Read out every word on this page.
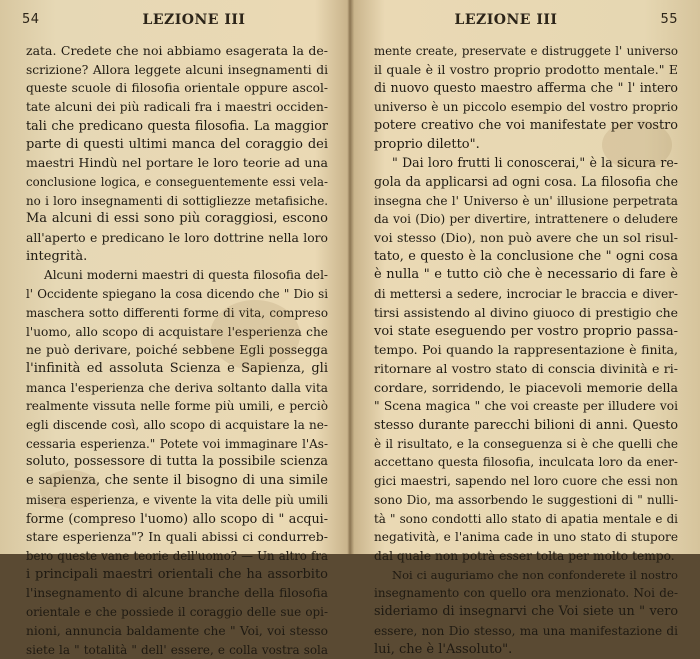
54	LEZIONE III
zata. Credete che noi abbiamo esagerata la de-
scrizione? Allora leggete alcuni insegnamenti di
queste scuole di filosofia orientale oppure ascol-
tate alcuni dei più radicali fra i maestri occiden-
tali che predicano questa filosofia. La maggior
parte di questi ultimi manca del coraggio dei
maestri Hindù nel portare le loro teorie ad una
conclusione logica, e conseguentemente essi vela-
no i loro insegnamenti di sottigliezze metafisiche.
Ma alcuni di essi sono più coraggiosi, escono
all'aperto e predicano le loro dottrine nella loro
integrità.
Alcuni moderni maestri di questa filosofia del-
l' Occidente spiegano la cosa dicendo che " Dio si
maschera sotto differenti forme di vita, compreso
l'uomo, allo scopo di acquistare l'esperienza che
ne può derivare, poiché sebbene Egli possegga
l'infinità ed assoluta Scienza e Sapienza, gli
manca l'esperienza che deriva soltanto dalla vita
realmente vissuta nelle forme più umili, e perciò
egli discende così, allo scopo di acquistare la ne-
cessaria esperienza." Potete voi immaginare l'As-
soluto, possessore di tutta la possibile scienza
e sapienza, che sente il bisogno di una simile
misera esperienza, e vivente la vita delle più umili
forme (compreso l'uomo) allo scopo di " acqui-
stare esperienza"? In quali abissi ci condurreb-
bero queste vane teorie dell'uomo? — Un altro fra
i principali maestri orientali che ha assorbito
l'insegnamento di alcune branche della filosofia
orientale e che possiede il coraggio delle sue opi-
nioni, annuncia baldamente che " Voi, voi stesso
siete la " totalità " dell' essere, e colla vostra sola
LEZIONE III	55
mente create, preservate e distruggete l' universo
il quale è il vostro proprio prodotto mentale." E
di nuovo questo maestro afferma che " l' intero
universo è un piccolo esempio del vostro proprio
potere creativo che voi manifestate per vostro
proprio diletto".
" Dai loro frutti li conoscerai," è la sicura re-
gola da applicarsi ad ogni cosa. La filosofia che
insegna che l' Universo è un' illusione perpetrata
da voi (Dio) per divertire, intrattenere o deludere
voi stesso (Dio), non può avere che un sol risul-
tato, e questo è la conclusione che " ogni cosa
è nulla " e tutto ciò che è necessario di fare è
di mettersi a sedere, incrociar le braccia e diver-
tirsi assistendo al divino giuoco di prestigio che
voi state eseguendo per vostro proprio passa-
tempo. Poi quando la rappresentazione è finita,
ritornare al vostro stato di conscia divinità e ri-
cordare, sorridendo, le piacevoli memorie della
" Scena magica " che voi creaste per illudere voi
stesso durante parecchi bilioni di anni. Questo
è il risultato, e la conseguenza si è che quelli che
accettano questa filosofia, inculcata loro da ener-
gici maestri, sapendo nel loro cuore che essi non
sono Dio, ma assorbendo le suggestioni di " nulli-
tà " sono condotti allo stato di apatia mentale e di
negatività, e l'anima cade in uno stato di stupore
dal quale non potrà esser tolta per molto tempo.
Noi ci auguriamo che non confonderete il nostro
insegnamento con quello ora menzionato. Noi de-
sideriamo di insegnarvi che Voi siete un " vero
essere, non Dio stesso, ma una manifestazione di
lui, che è l'Assoluto".
